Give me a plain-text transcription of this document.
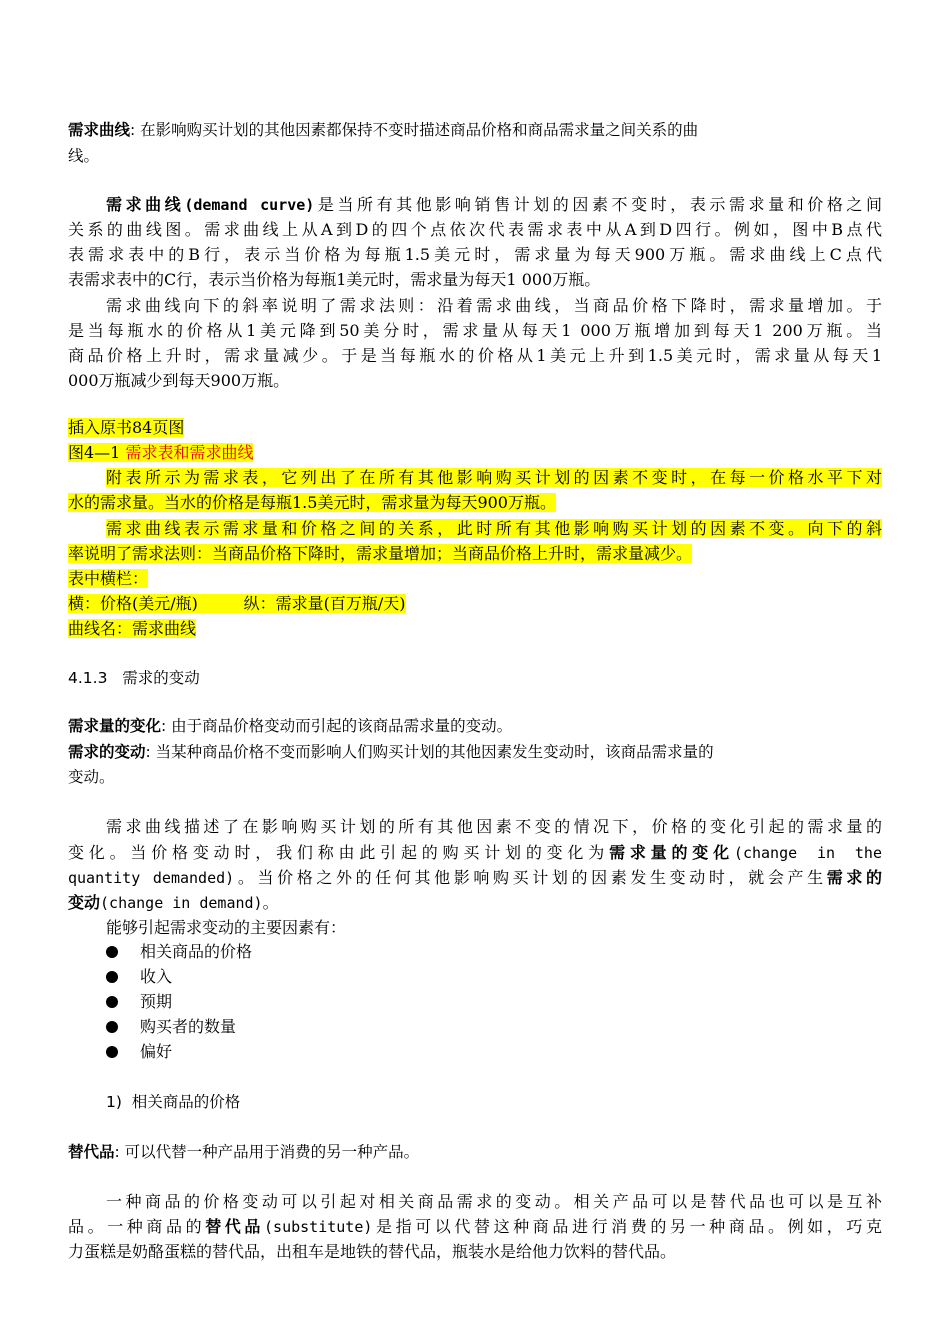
需求曲线: 在影响购买计划的其他因素都保持不变时描述商品价格和商品需求量之间关系的曲
线。
需求曲线(demand curve)是当所有其他影响销售计划的因素不变时，表示需求量和价格之间
关系的曲线图。需求曲线上从A到D的四个点依次代表需求表中从A到D四行。例如，图中B点代
表需求表中的B行，表示当价格为每瓶1.5美元时，需求量为每天900万瓶。需求曲线上C点代
表需求表中的C行，表示当价格为每瓶1美元时，需求量为每天1 000万瓶。
需求曲线向下的斜率说明了需求法则：沿着需求曲线，当商品价格下降时，需求量增加。于
是当每瓶水的价格从1美元降到50美分时，需求量从每天1 000万瓶增加到每天1 200万瓶。当
商品价格上升时，需求量减少。于是当每瓶水的价格从1美元上升到1.5美元时，需求量从每天1
000万瓶减少到每天900万瓶。
插入原书84页图
图4—1 需求表和需求曲线
附表所示为需求表，它列出了在所有其他影响购买计划的因素不变时，在每一价格水平下对
水的需求量。当水的价格是每瓶1.5美元时，需求量为每天900万瓶。
需求曲线表示需求量和价格之间的关系，此时所有其他影响购买计划的因素不变。向下的斜
率说明了需求法则：当商品价格下降时，需求量增加；当商品价格上升时，需求量减少。
表中横栏：
横：价格(美元/瓶)         纵：需求量(百万瓶/天)
曲线名：需求曲线
4.1.3   需求的变动
需求量的变化: 由于商品价格变动而引起的该商品需求量的变动。
需求的变动: 当某种商品价格不变而影响人们购买计划的其他因素发生变动时，该商品需求量的
变动。
需求曲线描述了在影响购买计划的所有其他因素不变的情况下，价格的变化引起的需求量的
变化。当价格变动时，我们称由此引起的购买计划的变化为需求量的变化(change in the
quantity demanded)。当价格之外的任何其他影响购买计划的因素发生变动时，就会产生需求的
变动(change in demand)。
能够引起需求变动的主要因素有：
相关商品的价格
收入
预期
购买者的数量
偏好
1)  相关商品的价格
替代品: 可以代替一种产品用于消费的另一种产品。
一种商品的价格变动可以引起对相关商品需求的变动。相关产品可以是替代品也可以是互补
品。一种商品的替代品(substitute)是指可以代替这种商品进行消费的另一种商品。例如，巧克
力蛋糕是奶酪蛋糕的替代品，出租车是地铁的替代品，瓶装水是给他力饮料的替代品。
